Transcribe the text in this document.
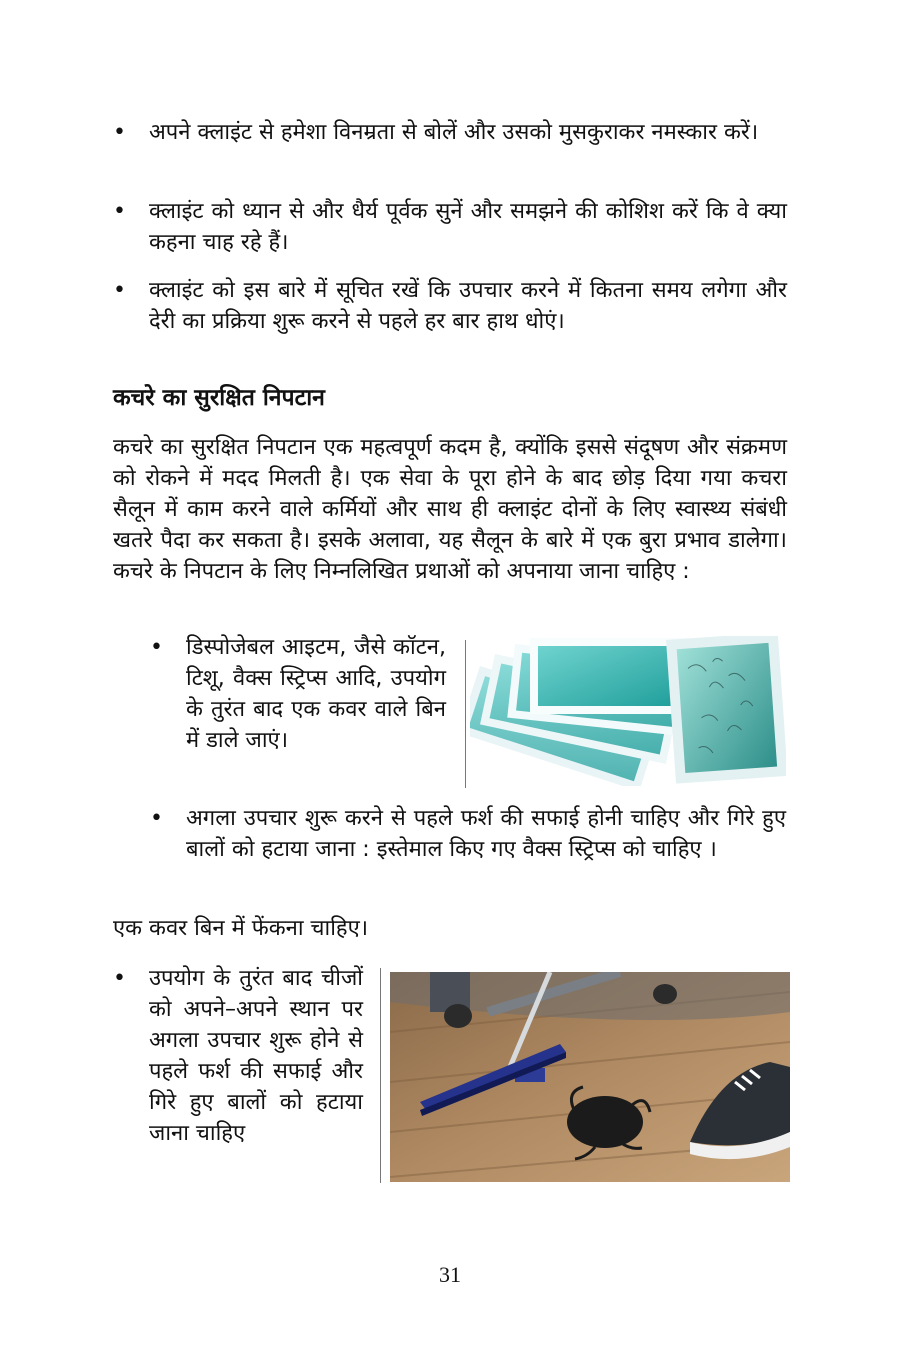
•	अपने क्लाइंट से हमेशा विनम्रता से बोलें और उसको मुसकुराकर नमस्कार करें।
•	क्लाइंट को ध्यान से और धैर्य पूर्वक सुनें और समझने की कोशिश करें कि वे क्या कहना चाह रहे हैं।
•	क्लाइंट को इस बारे में सूचित रखें कि उपचार करने में कितना समय लगेगा और देरी का प्रक्रिया शुरू करने से पहले हर बार हाथ धोएं।
कचरे का सुरक्षित निपटान
कचरे का सुरक्षित निपटान एक महत्वपूर्ण कदम है, क्योंकि इससे संदूषण और संक्रमण को रोकने में मदद मिलती है। एक सेवा के पूरा होने के बाद छोड़ दिया गया कचरा सैलून में काम करने वाले कर्मियों और साथ ही क्लाइंट दोनों के लिए स्वास्थ्य संबंधी खतरे पैदा कर सकता है। इसके अलावा, यह सैलून के बारे में एक बुरा प्रभाव डालेगा। कचरे के निपटान के लिए निम्नलिखित प्रथाओं को अपनाया जाना चाहिए :
•	डिस्पोजेबल आइटम, जैसे कॉटन, टिशू, वैक्स स्ट्रिप्स आदि, उपयोग के तुरंत बाद एक कवर वाले बिन में डाले जाएं।
•	अगला उपचार शुरू करने से पहले फर्श की सफाई होनी चाहिए और गिरे हुए बालों को हटाया जाना : इस्तेमाल किए गए वैक्स स्ट्रिप्स को चाहिए ।
एक कवर बिन में फेंकना चाहिए।
•	उपयोग के तुरंत बाद चीजों को अपने–अपने स्थान पर अगला उपचार शुरू होने से पहले फर्श की सफाई और गिरे हुए बालों को हटाया जाना चाहिए
31
